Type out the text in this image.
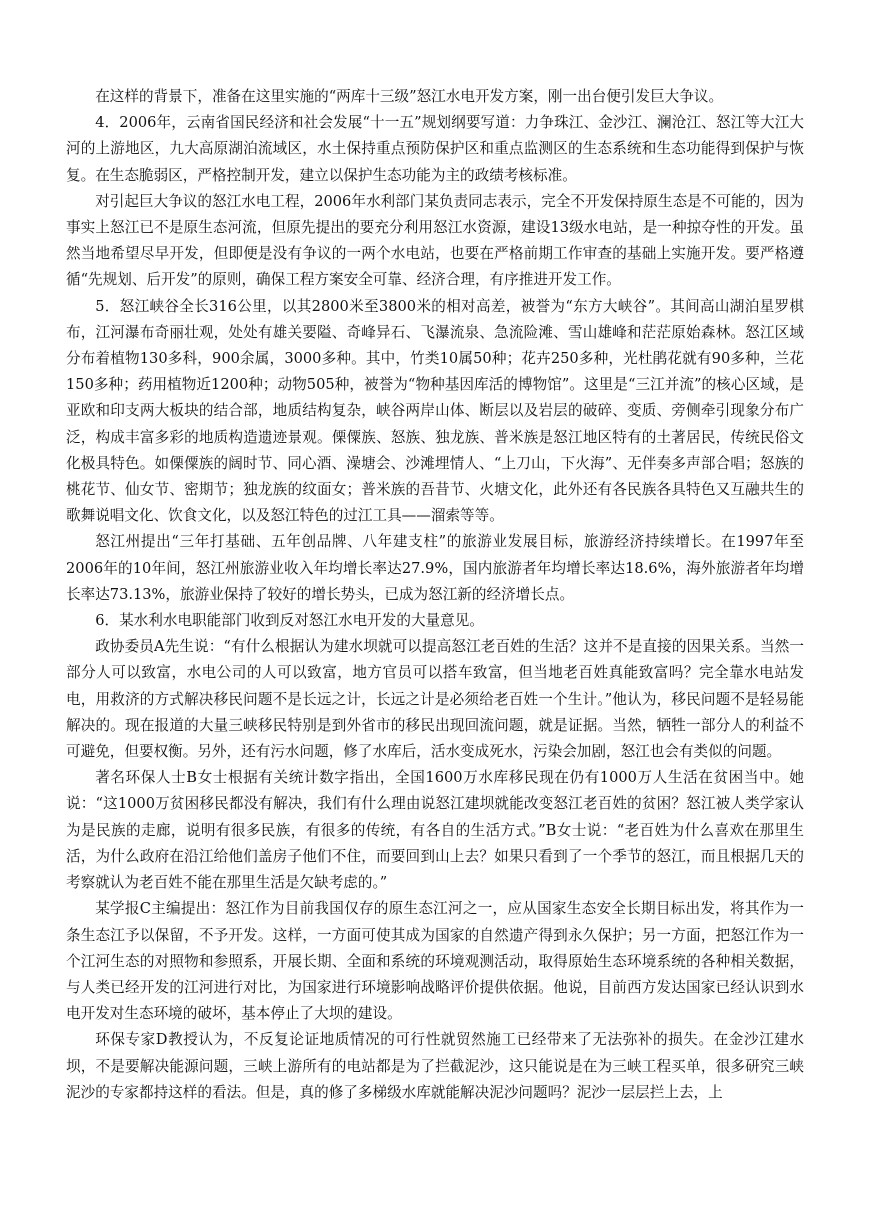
在这样的背景下，准备在这里实施的“两库十三级”怒江水电开发方案，刚一出台便引发巨大争议。

4．2006年，云南省国民经济和社会发展“十一五”规划纲要写道：力争珠江、金沙江、澜沧江、怒江等大江大河的上游地区，九大高原湖泊流域区，水土保持重点预防保护区和重点监测区的生态系统和生态功能得到保护与恢复。在生态脆弱区，严格控制开发，建立以保护生态功能为主的政绩考核标准。

对引起巨大争议的怒江水电工程，2006年水利部门某负责同志表示，完全不开发保持原生态是不可能的，因为事实上怒江已不是原生态河流，但原先提出的要充分利用怒江水资源，建设13级水电站，是一种掠夺性的开发。虽然当地希望尽早开发，但即便是没有争议的一两个水电站，也要在严格前期工作审查的基础上实施开发。要严格遵循“先规划、后开发”的原则，确保工程方案安全可靠、经济合理，有序推进开发工作。

5．怒江峡谷全长316公里，以其2800米至3800米的相对高差，被誉为“东方大峡谷”。其间高山湖泊星罗棋布，江河瀑布奇丽壮观，处处有雄关要隘、奇峰异石、飞瀑流泉、急流险滩、雪山雄峰和茫茫原始森林。怒江区域分布着植物130多科，900余属，3000多种。其中，竹类10属50种；花卉250多种，光杜鹃花就有90多种，兰花150多种；药用植物近1200种；动物505种，被誉为“物种基因库活的博物馆”。这里是“三江并流”的核心区域，是亚欧和印支两大板块的结合部，地质结构复杂，峡谷两岸山体、断层以及岩层的破碎、变质、旁侧牵引现象分布广泛，构成丰富多彩的地质构造遗迹景观。傈僳族、怒族、独龙族、普米族是怒江地区特有的土著居民，传统民俗文化极具特色。如傈僳族的阔时节、同心酒、澡塘会、沙滩埋情人、“上刀山，下火海”、无伴奏多声部合唱；怒族的桃花节、仙女节、密期节；独龙族的纹面女；普米族的吾昔节、火塘文化，此外还有各民族各具特色又互融共生的歌舞说唱文化、饮食文化，以及怒江特色的过江工具——溜索等等。

怒江州提出“三年打基础、五年创品牌、八年建支柱”的旅游业发展目标，旅游经济持续增长。在1997年至2006年的10年间，怒江州旅游业收入年均增长率达27.9%，国内旅游者年均增长率达18.6%，海外旅游者年均增长率达73.13%，旅游业保持了较好的增长势头，已成为怒江新的经济增长点。

6．某水利水电职能部门收到反对怒江水电开发的大量意见。

政协委员A先生说：“有什么根据认为建水坝就可以提高怒江老百姓的生活？这并不是直接的因果关系。当然一部分人可以致富，水电公司的人可以致富，地方官员可以搭车致富，但当地老百姓真能致富吗？完全靠水电站发电，用救济的方式解决移民问题不是长远之计，长远之计是必须给老百姓一个生计。”他认为，移民问题不是轻易能解决的。现在报道的大量三峡移民特别是到外省市的移民出现回流问题，就是证据。当然，牺牲一部分人的利益不可避免，但要权衡。另外，还有污水问题，修了水库后，活水变成死水，污染会加剧，怒江也会有类似的问题。

著名环保人士B女士根据有关统计数字指出，全国1600万水库移民现在仍有1000万人生活在贫困当中。她说：“这1000万贫困移民都没有解决，我们有什么理由说怒江建坝就能改变怒江老百姓的贫困？怒江被人类学家认为是民族的走廊，说明有很多民族，有很多的传统，有各自的生活方式。”B女士说：“老百姓为什么喜欢在那里生活，为什么政府在沿江给他们盖房子他们不住，而要回到山上去？如果只看到了一个季节的怒江，而且根据几天的考察就认为老百姓不能在那里生活是欠缺考虑的。”

某学报C主编提出：怒江作为目前我国仅存的原生态江河之一，应从国家生态安全长期目标出发，将其作为一条生态江予以保留，不予开发。这样，一方面可使其成为国家的自然遗产得到永久保护；另一方面，把怒江作为一个江河生态的对照物和参照系，开展长期、全面和系统的环境观测活动，取得原始生态环境系统的各种相关数据，与人类已经开发的江河进行对比，为国家进行环境影响战略评价提供依据。他说，目前西方发达国家已经认识到水电开发对生态环境的破坏，基本停止了大坝的建设。

环保专家D教授认为，不反复论证地质情况的可行性就贸然施工已经带来了无法弥补的损失。在金沙江建水坝，不是要解决能源问题，三峡上游所有的电站都是为了拦截泥沙，这只能说是在为三峡工程买单，很多研究三峡泥沙的专家都持这样的看法。但是，真的修了多梯级水库就能解决泥沙问题吗？泥沙一层层拦上去，上
